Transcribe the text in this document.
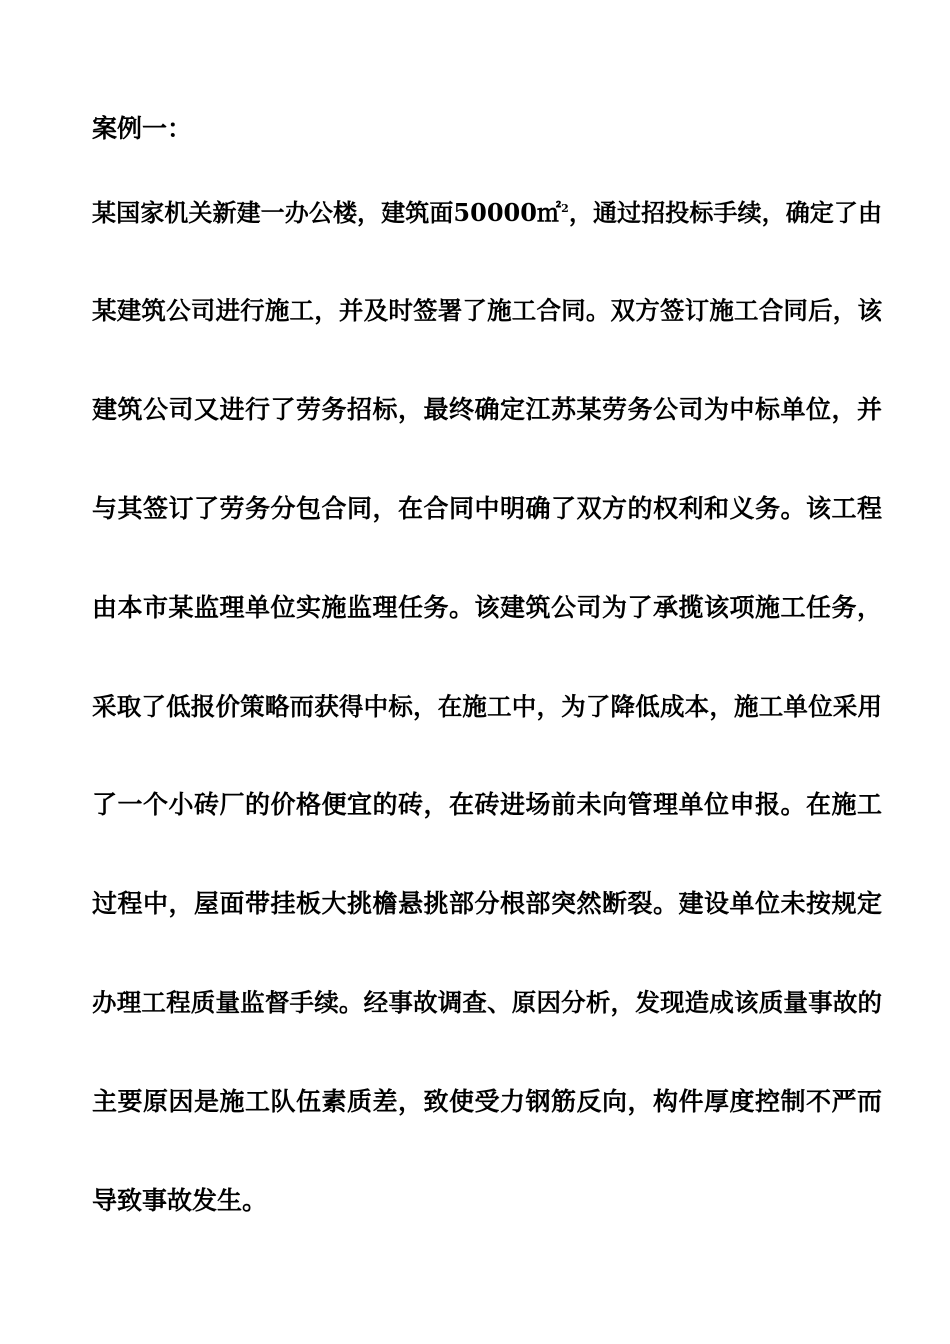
案例一：
某国家机关新建一办公楼，建筑面50000㎡$^2$，通过招投标手续，确定了由
某建筑公司进行施工，并及时签署了施工合同。双方签订施工合同后，该
建筑公司又进行了劳务招标，最终确定江苏某劳务公司为中标单位，并
与其签订了劳务分包合同，在合同中明确了双方的权利和义务。该工程
由本市某监理单位实施监理任务。该建筑公司为了承揽该项施工任务，
采取了低报价策略而获得中标，在施工中，为了降低成本，施工单位采用
了一个小砖厂的价格便宜的砖，在砖进场前未向管理单位申报。在施工
过程中，屋面带挂板大挑檐悬挑部分根部突然断裂。建设单位未按规定
办理工程质量监督手续。经事故调查、原因分析，发现造成该质量事故的
主要原因是施工队伍素质差，致使受力钢筋反向，构件厚度控制不严而
导致事故发生。
